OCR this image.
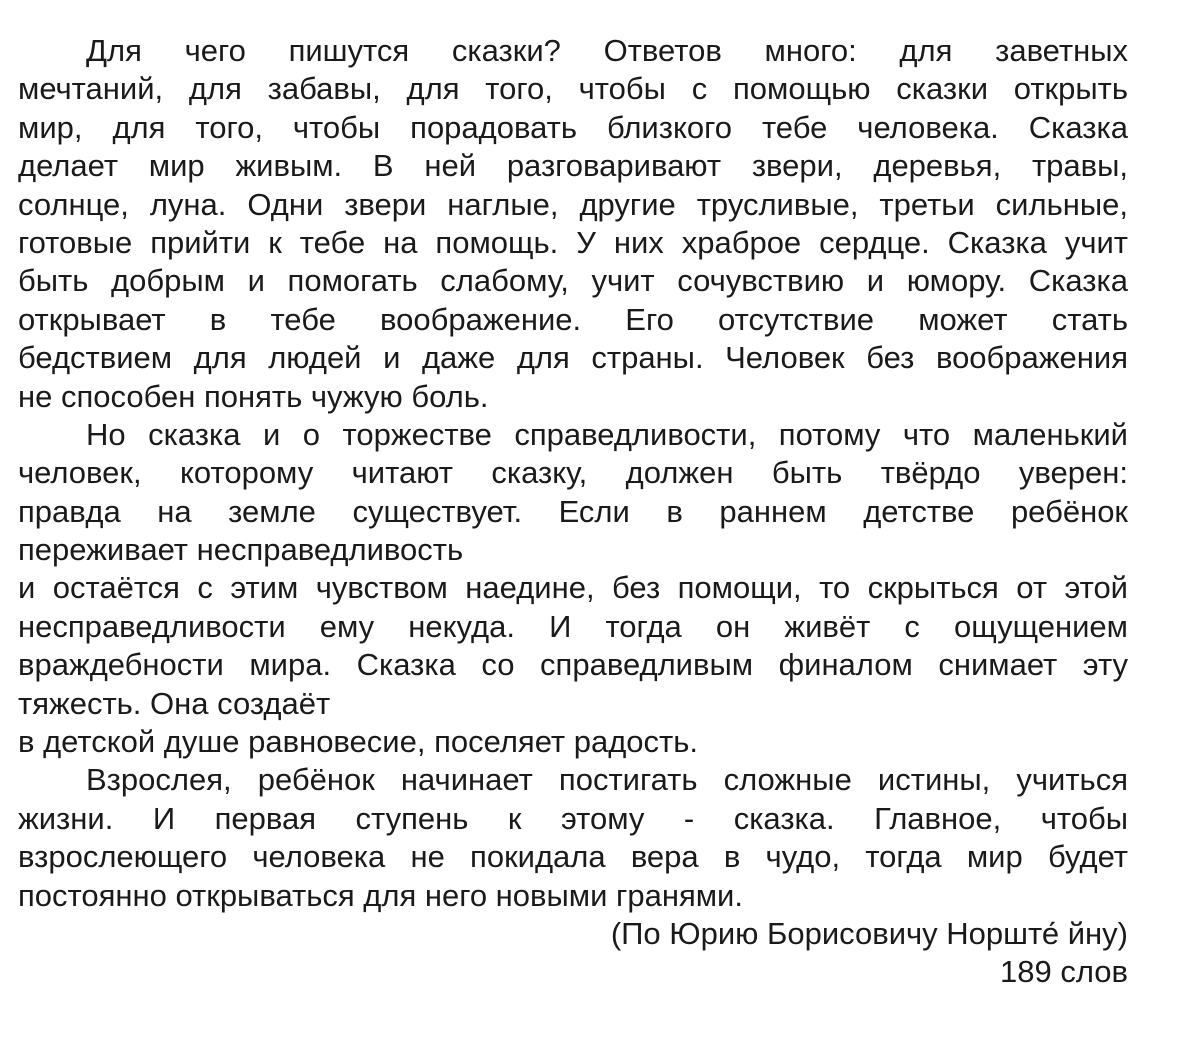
Для чего пишутся сказки? Ответов много: для заветных
мечтаний, для забавы, для того, чтобы с помощью сказки открыть
мир, для того, чтобы порадовать близкого тебе человека. Сказка
делает мир живым. В ней разговаривают звери, деревья, травы,
солнце, луна. Одни звери наглые, другие трусливые, третьи сильные,
готовые прийти к тебе на помощь. У них храброе сердце. Сказка учит
быть добрым и помогать слабому, учит сочувствию и юмору. Сказка
открывает в тебе воображение. Его отсутствие может стать
бедствием для людей и даже для страны. Человек без воображения
не способен понять чужую боль.
Но сказка и о торжестве справедливости, потому что маленький
человек, которому читают сказку, должен быть твёрдо уверен:
правда на земле существует. Если в раннем детстве ребёнок
переживает несправедливость
и остаётся с этим чувством наедине, без помощи, то скрыться от этой
несправедливости ему некуда. И тогда он живёт с ощущением
враждебности мира. Сказка со справедливым финалом снимает эту
тяжесть. Она создаёт
в детской душе равновесие, поселяет радость.
Взрослея, ребёнок начинает постигать сложные истины, учиться
жизни. И первая ступень к этому - сказка. Главное, чтобы
взрослеющего человека не покидала вера в чудо, тогда мир будет
постоянно открываться для него новыми гранями.
(По Юрию Борисовичу Норште́ йну)
189 слов
